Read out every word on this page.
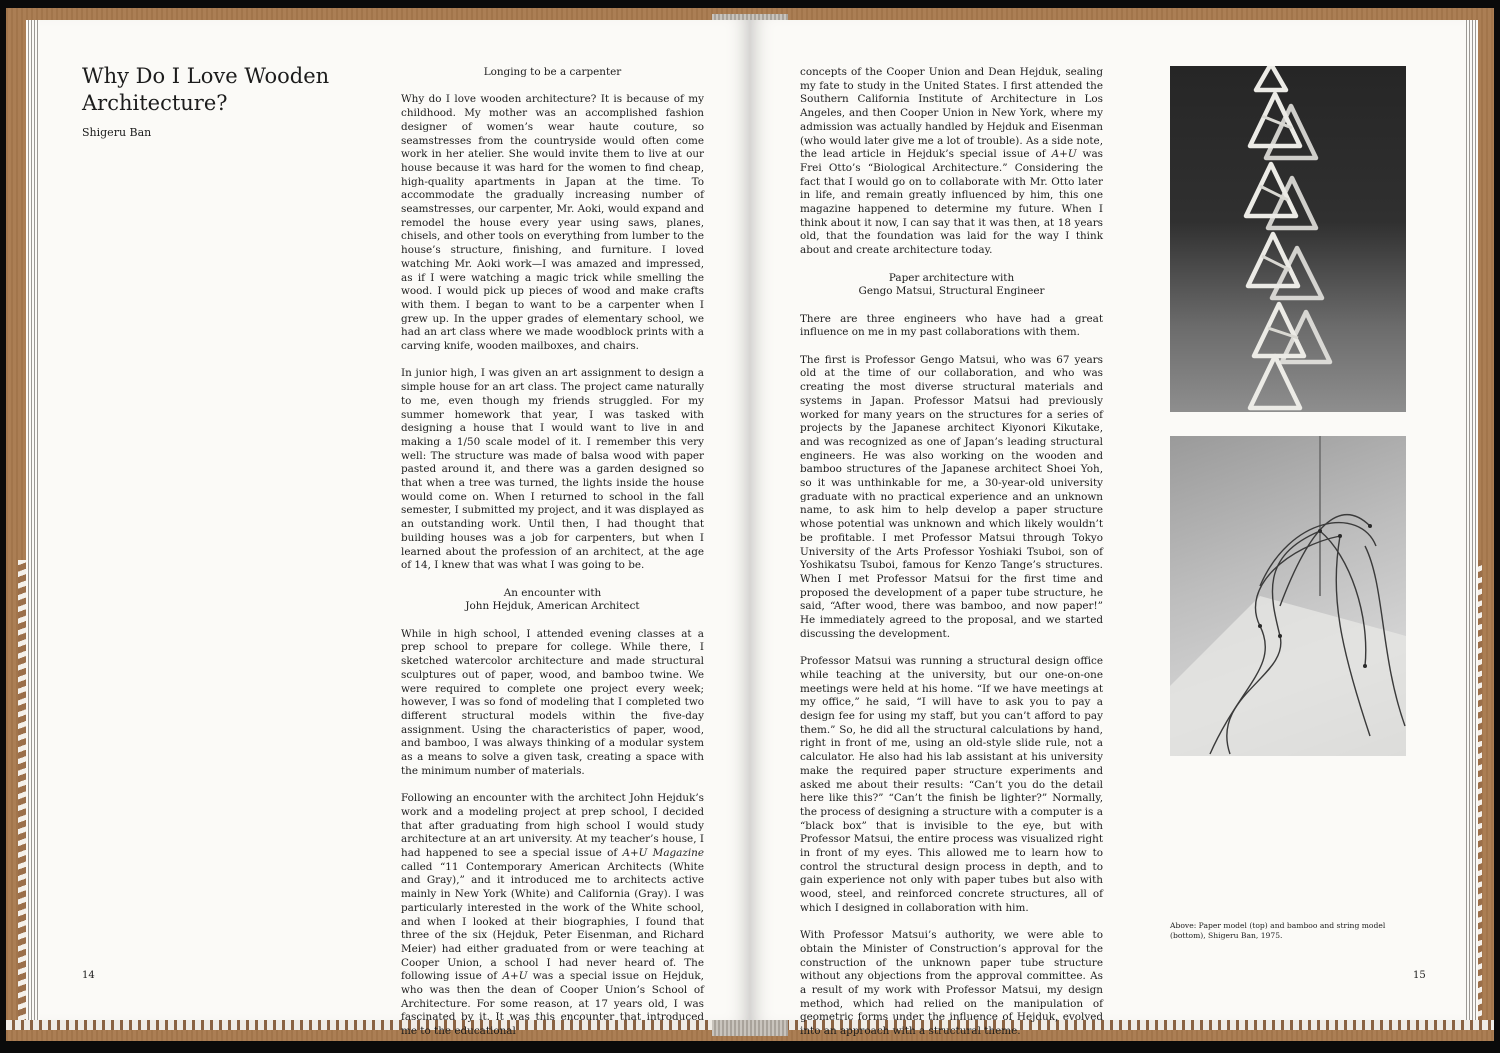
Why Do I Love Wooden Architecture?
Shigeru Ban
Longing to be a carpenter

Why do I love wooden architecture? It is because of my childhood. My mother was an accomplished fashion designer of women’s wear haute couture, so seamstresses from the countryside would often come work in her atelier. She would invite them to live at our house because it was hard for the women to find cheap, high-quality apartments in Japan at the time. To accommodate the gradually increasing number of seamstresses, our carpenter, Mr. Aoki, would expand and remodel the house every year using saws, planes, chisels, and other tools on everything from lumber to the house’s structure, finishing, and furniture. I loved watching Mr. Aoki work—I was amazed and impressed, as if I were watching a magic trick while smelling the wood. I would pick up pieces of wood and make crafts with them. I began to want to be a carpenter when I grew up. In the upper grades of elementary school, we had an art class where we made woodblock prints with a carving knife, wooden mailboxes, and chairs.

In junior high, I was given an art assignment to design a simple house for an art class. The project came naturally to me, even though my friends struggled. For my summer homework that year, I was tasked with designing a house that I would want to live in and making a 1/50 scale model of it. I remember this very well: The structure was made of balsa wood with paper pasted around it, and there was a garden designed so that when a tree was turned, the lights inside the house would come on. When I returned to school in the fall semester, I submitted my project, and it was displayed as an outstanding work. Until then, I had thought that building houses was a job for carpenters, but when I learned about the profession of an architect, at the age of 14, I knew that was what I was going to be.

An encounter with
John Hejduk, American Architect

While in high school, I attended evening classes at a prep school to prepare for college. While there, I sketched watercolor architecture and made structural sculptures out of paper, wood, and bamboo twine. We were required to complete one project every week; however, I was so fond of modeling that I completed two different structural models within the five-day assignment. Using the characteristics of paper, wood, and bamboo, I was always thinking of a modular system as a means to solve a given task, creating a space with the minimum number of materials.

Following an encounter with the architect John Hejduk’s work and a modeling project at prep school, I decided that after graduating from high school I would study architecture at an art university. At my teacher’s house, I had happened to see a special issue of A+U Magazine called “11 Contemporary American Architects (White and Gray),” and it introduced me to architects active mainly in New York (White) and California (Gray). I was particularly interested in the work of the White school, and when I looked at their biographies, I found that three of the six (Hejduk, Peter Eisenman, and Richard Meier) had either graduated from or were teaching at Cooper Union, a school I had never heard of. The following issue of A+U was a special issue on Hejduk, who was then the dean of Cooper Union’s School of Architecture. For some reason, at 17 years old, I was fascinated by it. It was this encounter that introduced me to the educational

14

concepts of the Cooper Union and Dean Hejduk, sealing my fate to study in the United States. I first attended the Southern California Institute of Architecture in Los Angeles, and then Cooper Union in New York, where my admission was actually handled by Hejduk and Eisenman (who would later give me a lot of trouble). As a side note, the lead article in Hejduk’s special issue of A+U was Frei Otto’s “Biological Architecture.” Considering the fact that I would go on to collaborate with Mr. Otto later in life, and remain greatly influenced by him, this one magazine happened to determine my future. When I think about it now, I can say that it was then, at 18 years old, that the foundation was laid for the way I think about and create architecture today.

Paper architecture with
Gengo Matsui, Structural Engineer

There are three engineers who have had a great influence on me in my past collaborations with them.

The first is Professor Gengo Matsui, who was 67 years old at the time of our collaboration, and who was creating the most diverse structural materials and systems in Japan. Professor Matsui had previously worked for many years on the structures for a series of projects by the Japanese architect Kiyonori Kikutake, and was recognized as one of Japan’s leading structural engineers. He was also working on the wooden and bamboo structures of the Japanese architect Shoei Yoh, so it was unthinkable for me, a 30-year-old university graduate with no practical experience and an unknown name, to ask him to help develop a paper structure whose potential was unknown and which likely wouldn’t be profitable. I met Professor Matsui through Tokyo University of the Arts Professor Yoshiaki Tsuboi, son of Yoshikatsu Tsuboi, famous for Kenzo Tange’s structures. When I met Professor Matsui for the first time and proposed the development of a paper tube structure, he said, “After wood, there was bamboo, and now paper!” He immediately agreed to the proposal, and we started discussing the development.

Professor Matsui was running a structural design office while teaching at the university, but our one-on-one meetings were held at his home. “If we have meetings at my office,” he said, “I will have to ask you to pay a design fee for using my staff, but you can’t afford to pay them.” So, he did all the structural calculations by hand, right in front of me, using an old-style slide rule, not a calculator. He also had his lab assistant at his university make the required paper structure experiments and asked me about their results: “Can’t you do the detail here like this?” “Can’t the finish be lighter?” Normally, the process of designing a structure with a computer is a “black box” that is invisible to the eye, but with Professor Matsui, the entire process was visualized right in front of my eyes. This allowed me to learn how to control the structural design process in depth, and to gain experience not only with paper tubes but also with wood, steel, and reinforced concrete structures, all of which I designed in collaboration with him.

With Professor Matsui’s authority, we were able to obtain the Minister of Construction’s approval for the construction of the unknown paper tube structure without any objections from the approval committee. As a result of my work with Professor Matsui, my design method, which had relied on the manipulation of geometric forms under the influence of Hejduk, evolved into an approach with a structural theme.

Above: Paper model (top) and bamboo and string model (bottom), Shigeru Ban, 1975.
15
